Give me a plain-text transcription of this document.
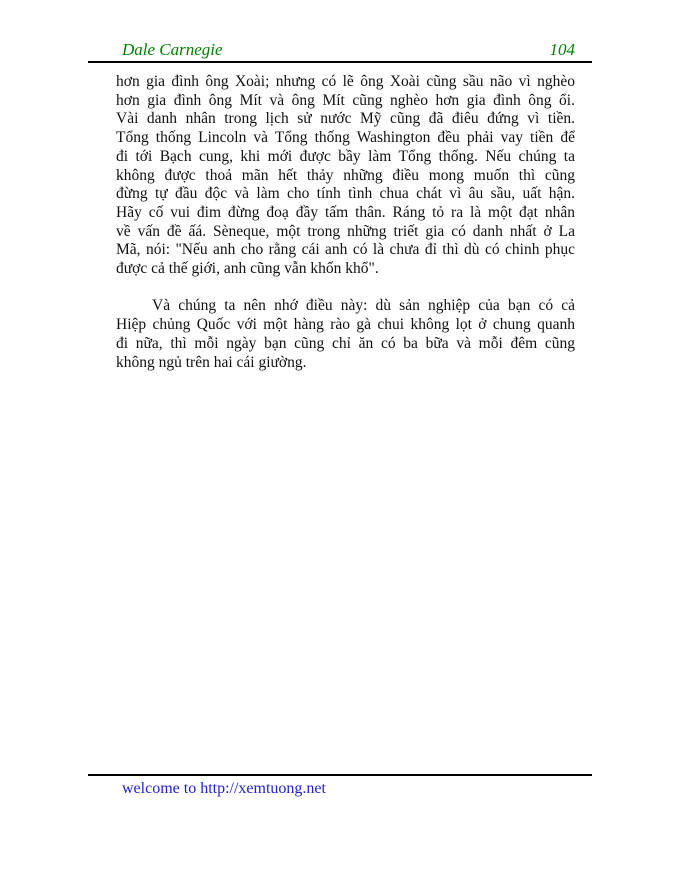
Dale Carnegie	104
hơn gia đình ông Xoài; nhưng có lẽ ông Xoài cũng sầu não vì nghèo
hơn gia đình ông Mít và ông Mít cũng nghèo hơn gia đình ông ổi.
Vài danh nhân trong lịch sử nước Mỹ cũng đã điêu đứng vì tiền.
Tổng thống Lincoln và Tổng thống Washington đều phải vay tiền để
đi tới Bạch cung, khi mới được bầy làm Tổng thống. Nếu chúng ta
không được thoả mãn hết thảy những điều mong muốn thì cũng
đừng tự đầu độc và làm cho tính tình chua chát vì âu sầu, uất hận.
Hãy cố vui đim đừng đoạ đầy tấm thân. Ráng tỏ ra là một đạt nhân
về vấn đề ấá. Sèneque, một trong những triết gia có danh nhất ở La
Mã, nói: "Nếu anh cho rằng cái anh có là chưa đỉ thì dù có chinh phục
được cả thế giới, anh cũng vẫn khốn khổ".
Và chúng ta nên nhớ điều này: dù sản nghiệp của bạn có cả
Hiệp chủng Quốc với một hàng rào gà chui không lọt ở chung quanh
đi nữa, thì mỗi ngày bạn cũng chỉ ăn có ba bữa và mỗi đêm cũng
không ngủ trên hai cái giường.
welcome to http://xemtuong.net
